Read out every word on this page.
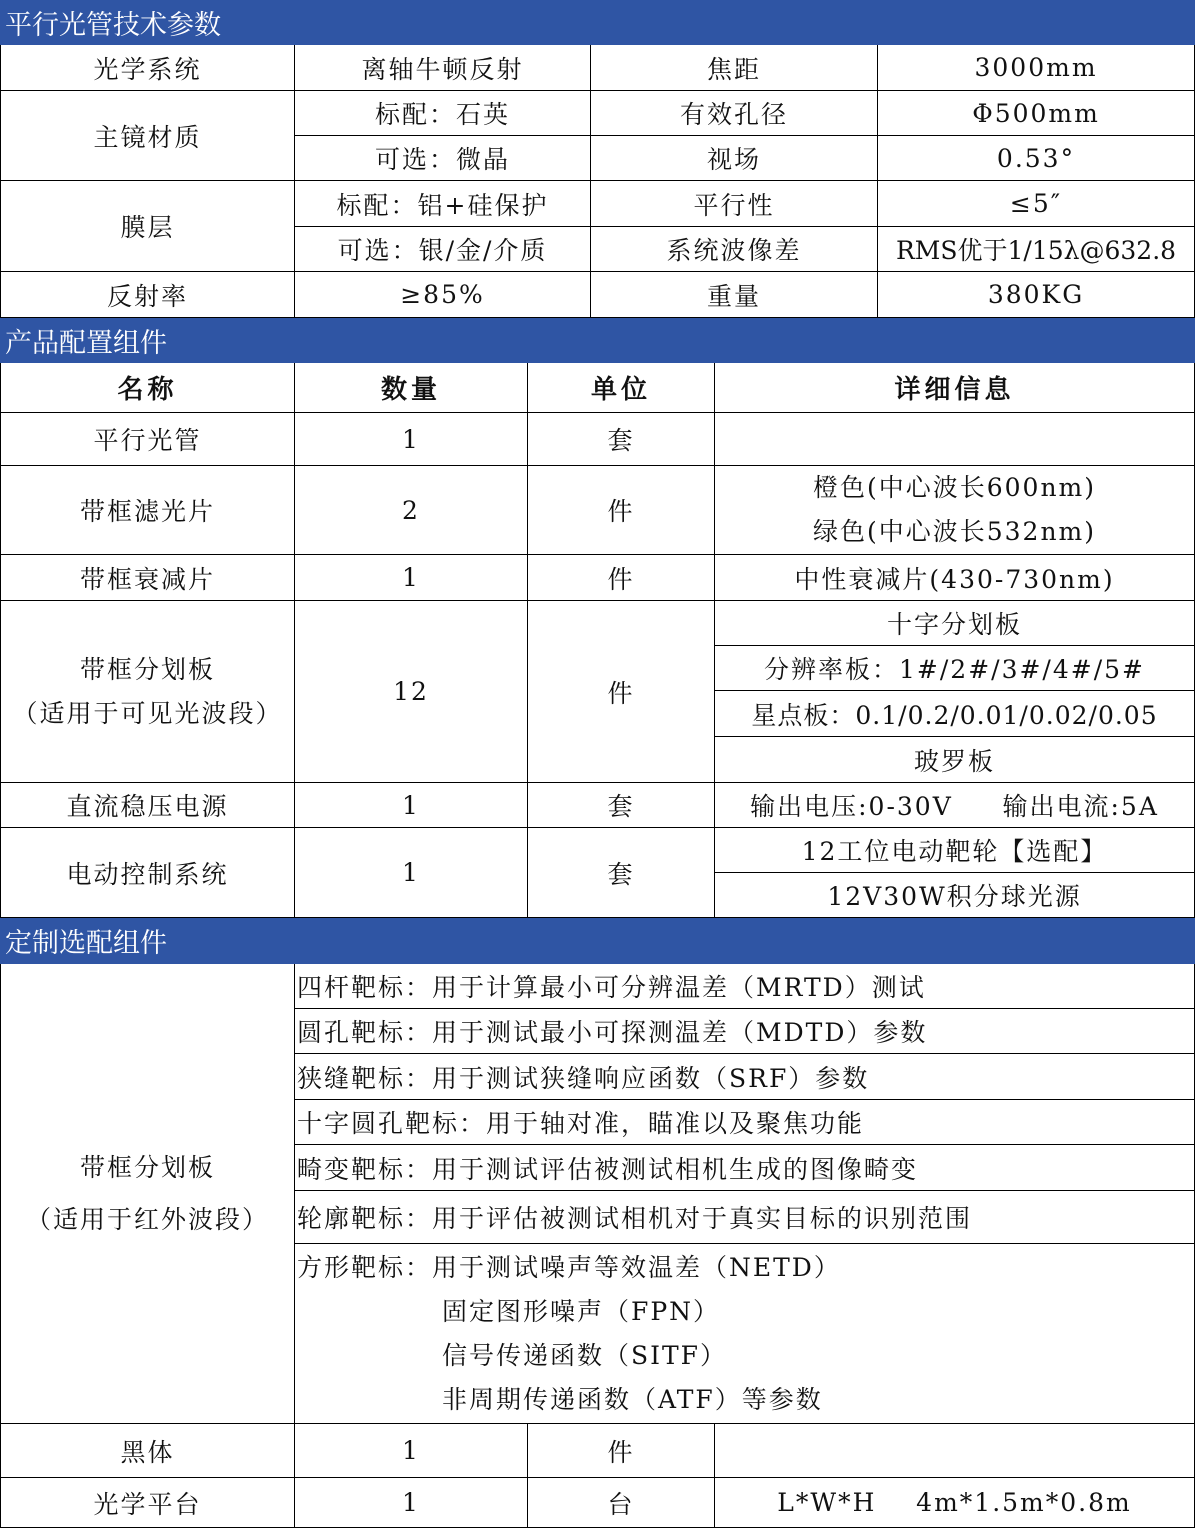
平行光管技术参数					
光学系统	离轴牛顿反射		焦距		3000mm
主镜材质	标配：石英		有效孔径		Φ500mm
	可选：微晶		视场		0.53°
膜层	标配：铝+硅保护		平行性		≤5″
	可选：银/金/介质		系统波像差		RMS优于1/15λ@632.8
反射率	≥85%		重量		380KG
产品配置组件					
名称	数量	单位		详细信息	
平行光管	1	套			
带框滤光片	2	件		橙色(中心波长600nm)
绿色(中心波长532nm)	

带框衰减片	1	件		中性衰减片(430-730nm)	

带框分划板
（适用于可见光波段）	12	件		十字分划板	
				分辨率板：1#/2#/3#/4#/5#	
				星点板：0.1/0.2/0.01/0.02/0.05	
				玻罗板	
直流稳压电源	1	套		输出电压:0-30V     输出电流:5A	
电动控制系统	1	套		12工位电动靶轮【选配】	
				12V30W积分球光源	
定制选配组件					

带框分划板
（适用于红外波段）	四杆靶标：用于计算最小可分辨温差（MRTD）测试				
	圆孔靶标：用于测试最小可探测温差（MDTD）参数				
	狭缝靶标：用于测试狭缝响应函数（SRF）参数				
	十字圆孔靶标：用于轴对准，瞄准以及聚焦功能				
	畸变靶标：用于测试评估被测试相机生成的图像畸变				
	轮廓靶标：用于评估被测试相机对于真实目标的识别范围				

	方形靶标：用于测试噪声等效温差（NETD）
固定图形噪声（FPN）
信号传递函数（SITF）
非周期传递函数（ATF）等参数				

黑体	1	件			
光学平台	1	台		L*W*H    4m*1.5m*0.8m	
